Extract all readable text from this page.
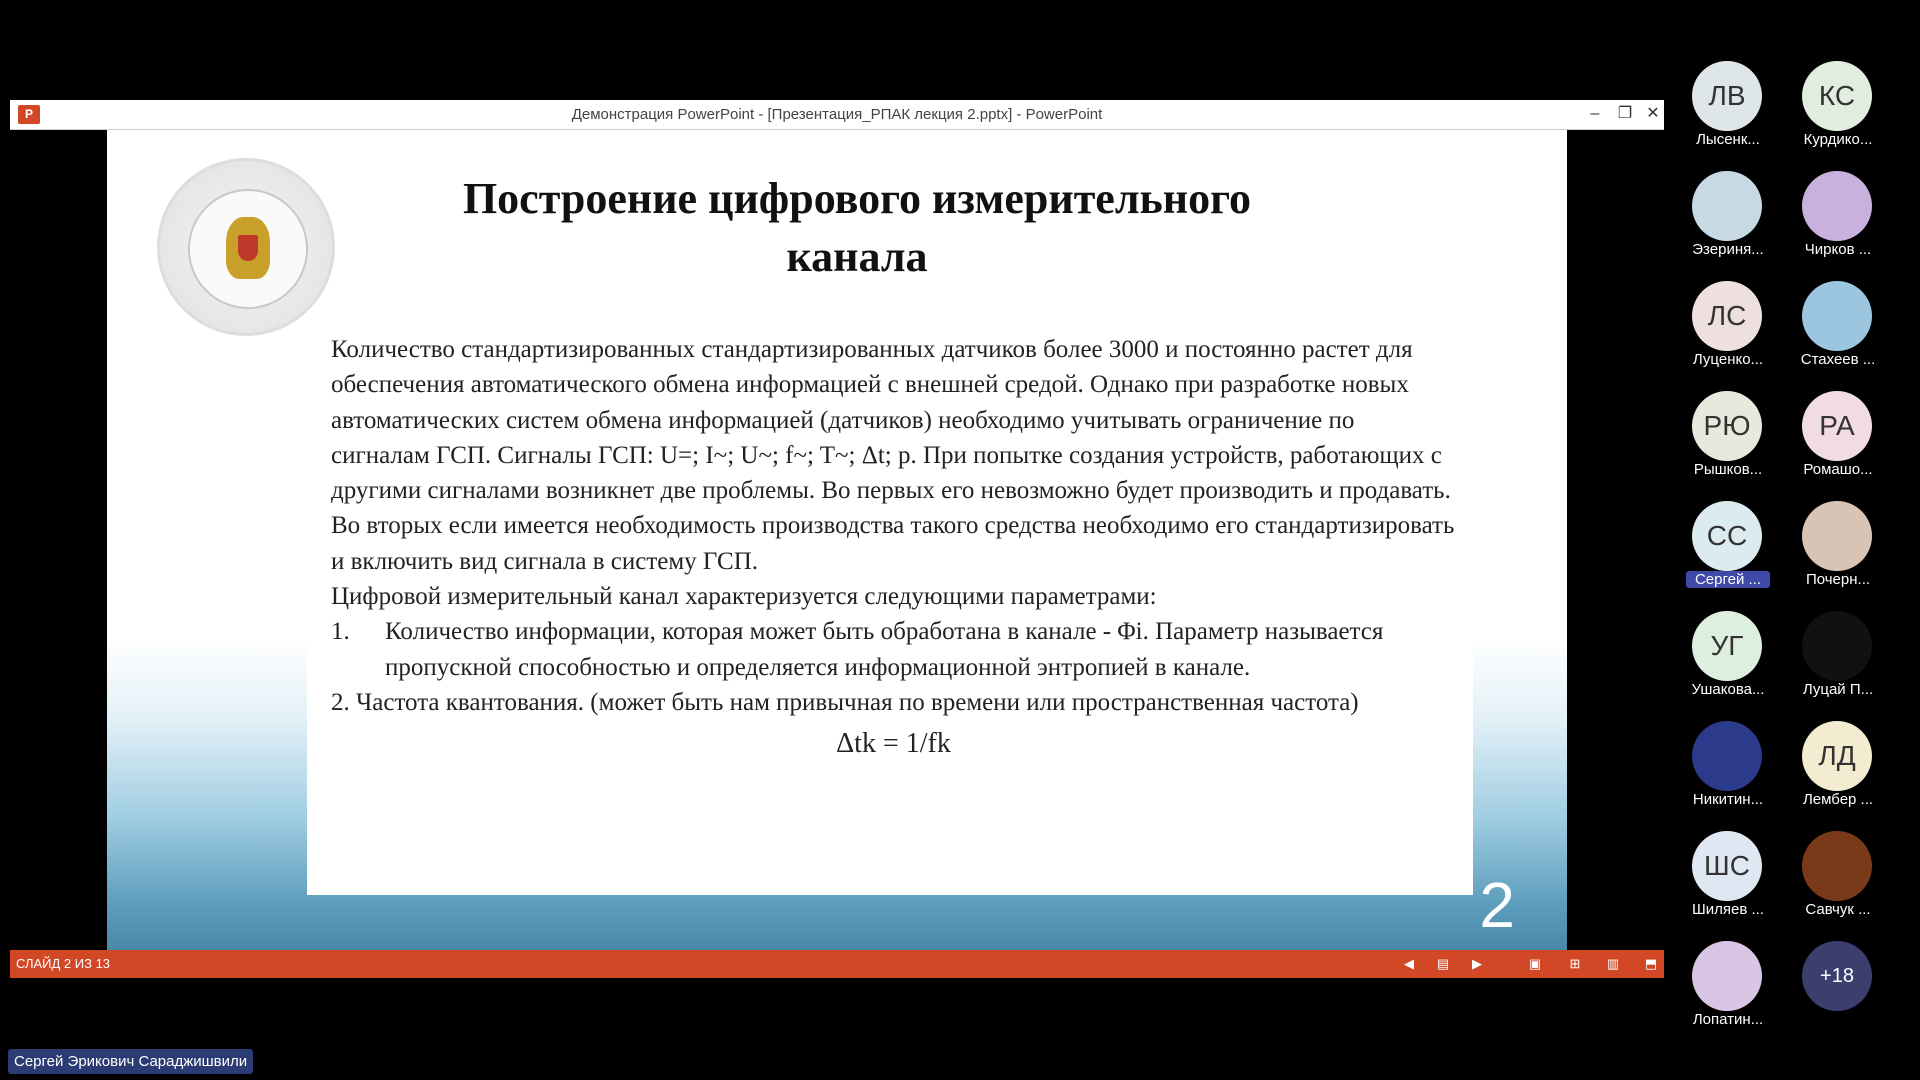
P	Демонстрация PowerPoint - [Презентация_РПАК лекция 2.pptx] - PowerPoint	–	❐ ✕
Построение цифрового измерительного
канала

Количество стандартизированных стандартизированных датчиков более 3000 и постоянно растет для обеспечения автоматического обмена информацией с внешней средой. Однако при разработке новых автоматических систем обмена информацией (датчиков) необходимо учитывать ограничение по сигналам ГСП. Сигналы ГСП: U=; I~; U~; f~; T~; Δt; p. При попытке создания устройств, работающих с другими сигналами возникнет две проблемы. Во первых его невозможно будет производить и продавать. Во вторых если имеется необходимость производства такого средства необходимо его стандартизировать и включить вид сигнала в систему ГСП.

Цифровой измерительный канал характеризуется следующими параметрами:

1.	Количество информации, которая может быть обработана в канале - Φi. Параметр называется пропускной способностью и определяется информационной энтропией в канале.

2. Частота квантования. (может быть нам привычная по времени или пространственная частота)

Δtk = 1/fk
2
СЛАЙД 2 ИЗ 13	◀	▤	▶	▣ ⊞ ▥ ⬒
ЛВ
Лысенк...
КС
Курдико...
Эзериня...	Чирков ...
ЛС
Луценко...	Стахеев ...
РЮ
Рышков...
РА
Ромашо...
СС
Сергей ...	Почерн...
УГ
Ушакова...	Луцай П...
Никитин...
ЛД
Лембер ...
ШС
Шиляев ...	Савчук ...
Лопатин...
+18
Сергей Эрикович Сараджишвили
